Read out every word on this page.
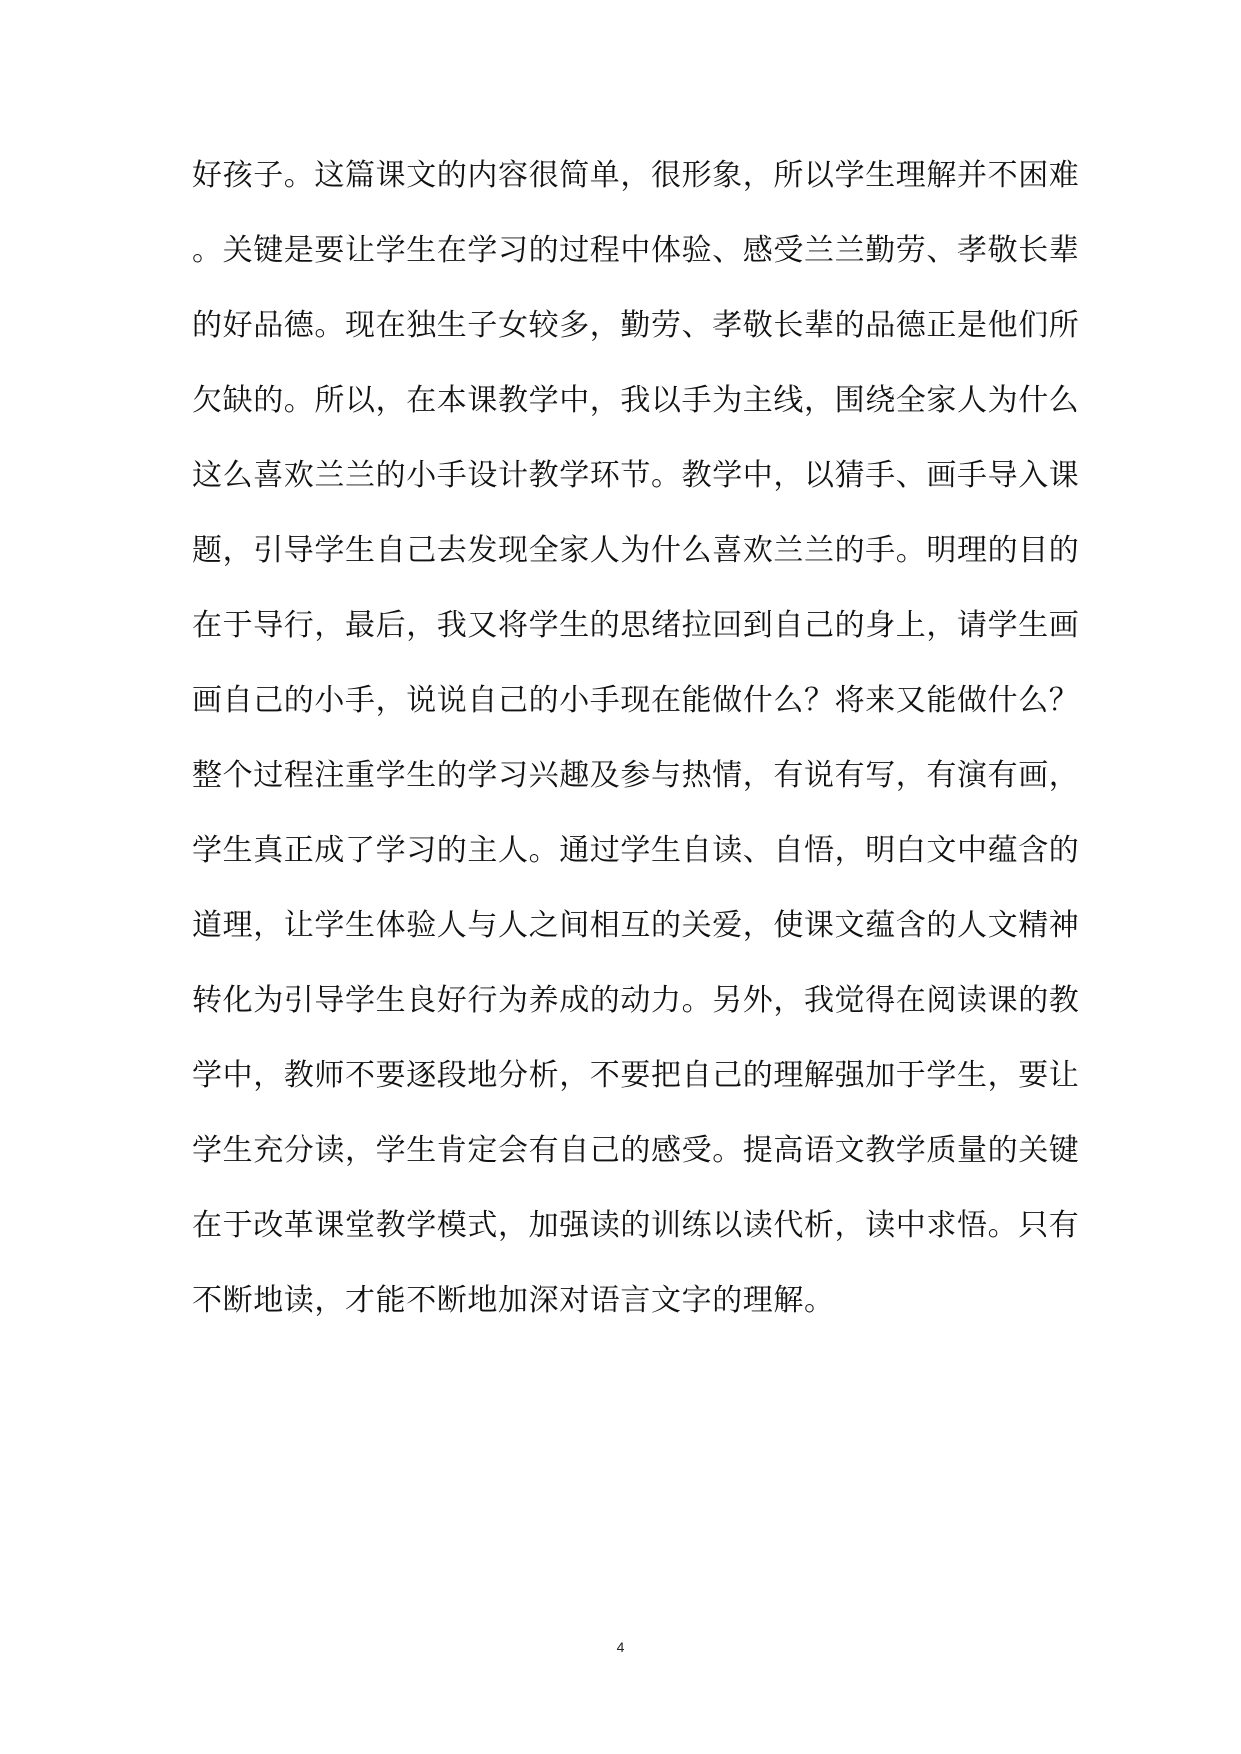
好孩子。这篇课文的内容很简单，很形象，所以学生理解并不困难
。关键是要让学生在学习的过程中体验、感受兰兰勤劳、孝敬长辈
的好品德。现在独生子女较多，勤劳、孝敬长辈的品德正是他们所
欠缺的。所以，在本课教学中，我以手为主线，围绕全家人为什么
这么喜欢兰兰的小手设计教学环节。教学中，以猜手、画手导入课
题，引导学生自己去发现全家人为什么喜欢兰兰的手。明理的目的
在于导行，最后，我又将学生的思绪拉回到自己的身上，请学生画
画自己的小手，说说自己的小手现在能做什么？将来又能做什么？
整个过程注重学生的学习兴趣及参与热情，有说有写，有演有画，
学生真正成了学习的主人。通过学生自读、自悟，明白文中蕴含的
道理，让学生体验人与人之间相互的关爱，使课文蕴含的人文精神
转化为引导学生良好行为养成的动力。另外，我觉得在阅读课的教
学中，教师不要逐段地分析，不要把自己的理解强加于学生，要让
学生充分读，学生肯定会有自己的感受。提高语文教学质量的关键
在于改革课堂教学模式，加强读的训练以读代析，读中求悟。只有
不断地读，才能不断地加深对语言文字的理解。
4
